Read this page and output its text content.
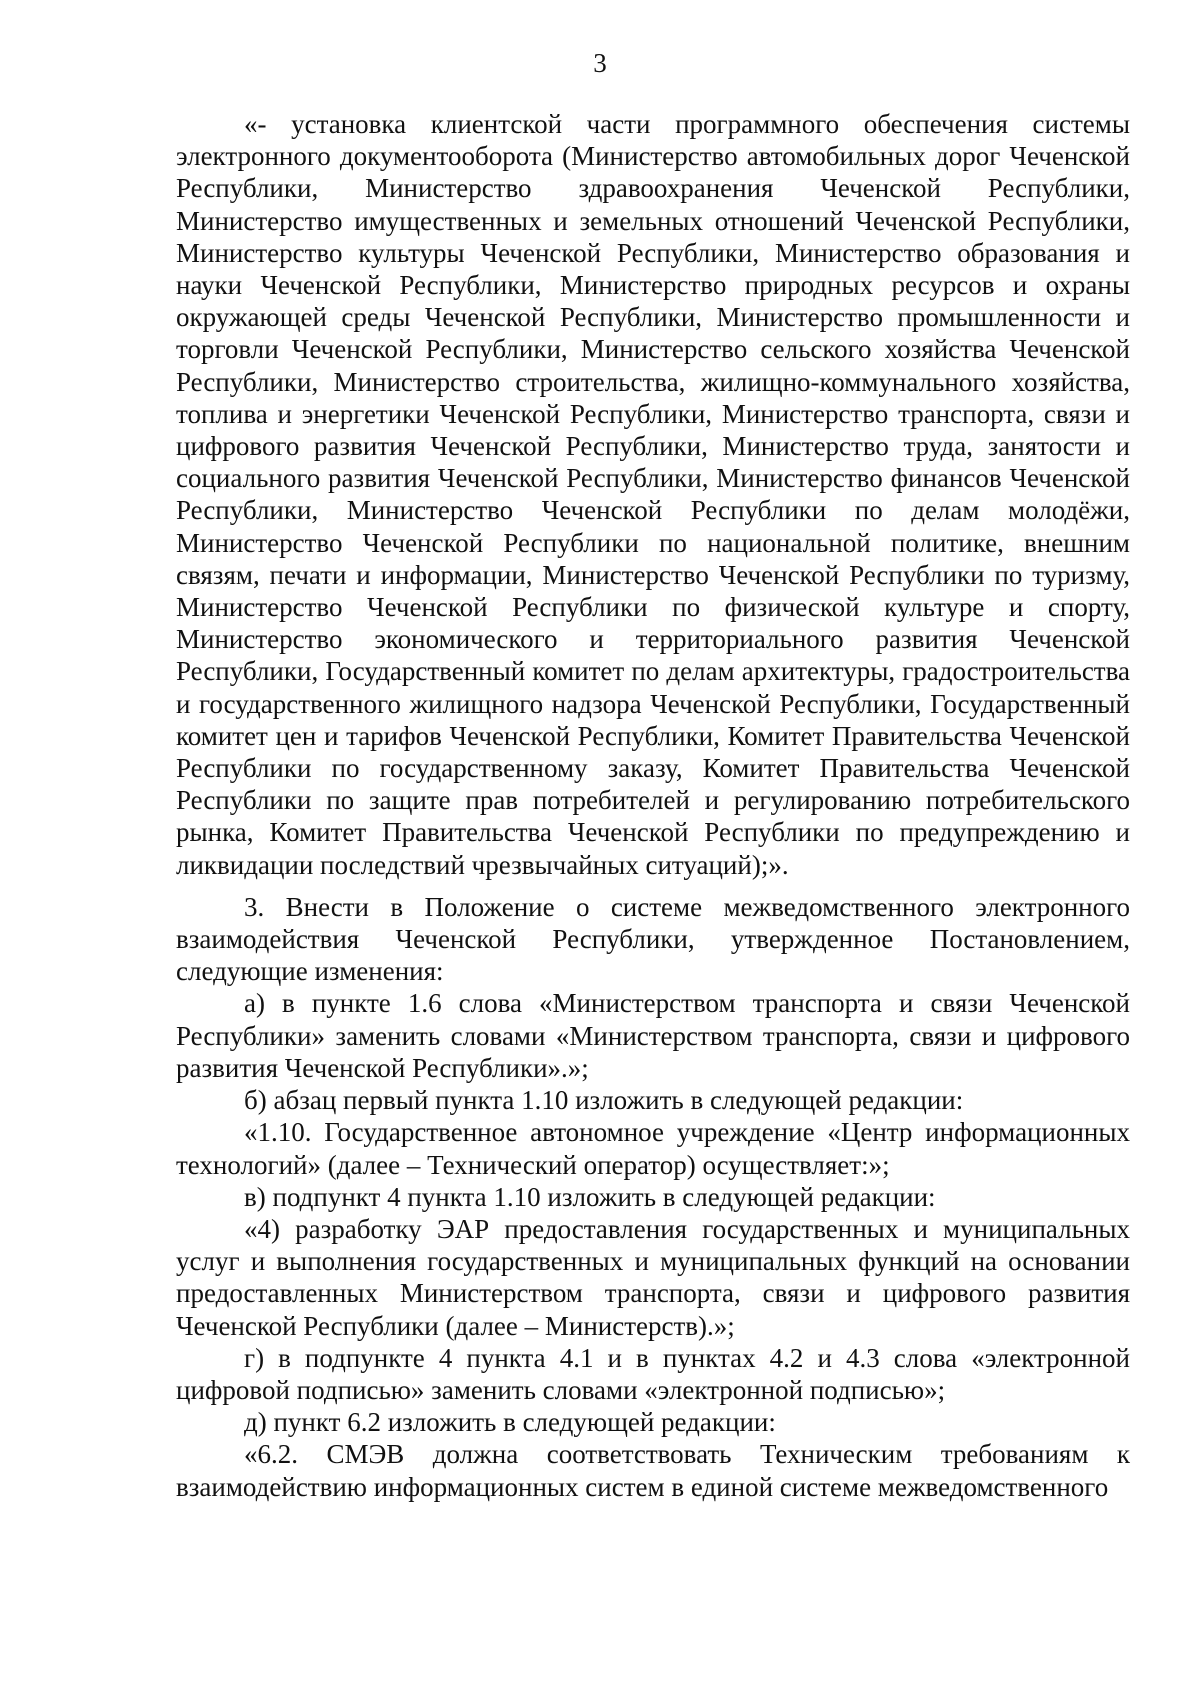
3

«- установка клиентской части программного обеспечения системы электронного документооборота (Министерство автомобильных дорог Чеченской Республики, Министерство здравоохранения Чеченской Республики, Министерство имущественных и земельных отношений Чеченской Республики, Министерство культуры Чеченской Республики, Министерство образования и науки Чеченской Республики, Министерство природных ресурсов и охраны окружающей среды Чеченской Республики, Министерство промышленности и торговли Чеченской Республики, Министерство сельского хозяйства Чеченской Республики, Министерство строительства, жилищно-коммунального хозяйства, топлива и энергетики Чеченской Республики, Министерство транспорта, связи и цифрового развития Чеченской Республики, Министерство труда, занятости и социального развития Чеченской Республики, Министерство финансов Чеченской Республики, Министерство Чеченской Республики по делам молодёжи, Министерство Чеченской Республики по национальной политике, внешним связям, печати и информации, Министерство Чеченской Республики по туризму, Министерство Чеченской Республики по физической культуре и спорту, Министерство экономического и территориального развития Чеченской Республики, Государственный комитет по делам архитектуры, градостроительства и государственного жилищного надзора Чеченской Республики, Государственный комитет цен и тарифов Чеченской Республики, Комитет Правительства Чеченской Республики по государственному заказу, Комитет Правительства Чеченской Республики по защите прав потребителей и регулированию потребительского рынка, Комитет Правительства Чеченской Республики по предупреждению и ликвидации последствий чрезвычайных ситуаций);».

3. Внести в Положение о системе межведомственного электронного взаимодействия Чеченской Республики, утвержденное Постановлением, следующие изменения:

а) в пункте 1.6 слова «Министерством транспорта и связи Чеченской Республики» заменить словами «Министерством транспорта, связи и цифрового развития Чеченской Республики».»;

б) абзац первый пункта 1.10 изложить в следующей редакции:

«1.10. Государственное автономное учреждение «Центр информационных технологий» (далее – Технический оператор) осуществляет:»;

в) подпункт 4 пункта 1.10 изложить в следующей редакции:

«4) разработку ЭАР предоставления государственных и муниципальных услуг и выполнения государственных и муниципальных функций на основании предоставленных Министерством транспорта, связи и цифрового развития Чеченской Республики (далее – Министерств).»;

г) в подпункте 4 пункта 4.1 и в пунктах 4.2 и 4.3 слова «электронной цифровой подписью» заменить словами «электронной подписью»;

д) пункт 6.2 изложить в следующей редакции:

«6.2. СМЭВ должна соответствовать Техническим требованиям к взаимодействию информационных систем в единой системе межведомственного
